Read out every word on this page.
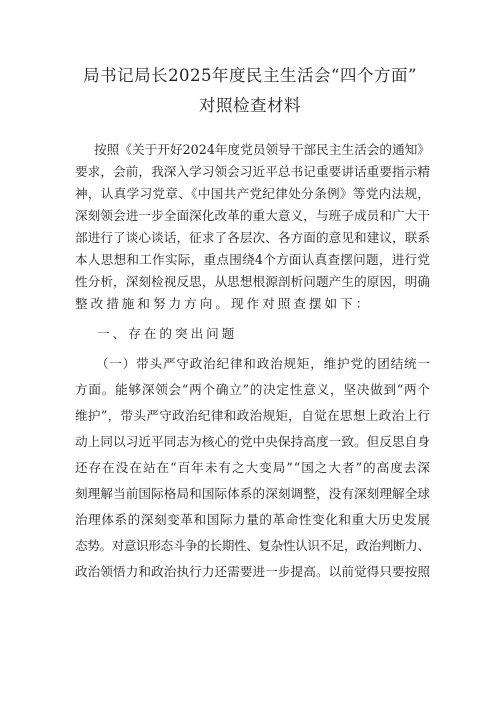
局书记局长2025年度民主生活会“四个方面”
对照检查材料
按照《关于开好2024年度党员领导干部民主生活会的通知》
要求，会前，我深入学习领会习近平总书记重要讲话重要指示精
神，认真学习党章、《中国共产党纪律处分条例》等党内法规，
深刻领会进一步全面深化改革的重大意义，与班子成员和广大干
部进行了谈心谈话，征求了各层次、各方面的意见和建议，联系
本人思想和工作实际，重点围绕4个方面认真查摆问题，进行党
性分析，深刻检视反思，从思想根源剖析问题产生的原因，明确
整改措施和努力方向。现作对照查摆如下：
一、存在的突出问题
（一）带头严守政治纪律和政治规矩，维护党的团结统一
方面。能够深领会“两个确立”的决定性意义，坚决做到“两个
维护”，带头严守政治纪律和政治规矩，自觉在思想上政治上行
动上同以习近平同志为核心的党中央保持高度一致。但反思自身
还存在没在站在“百年未有之大变局”“国之大者”的高度去深
刻理解当前国际格局和国际体系的深刻调整，没有深刻理解全球
治理体系的深刻变革和国际力量的革命性变化和重大历史发展
态势。对意识形态斗争的长期性、复杂性认识不足，政治判断力、
政治领悟力和政治执行力还需要进一步提高。以前觉得只要按照
